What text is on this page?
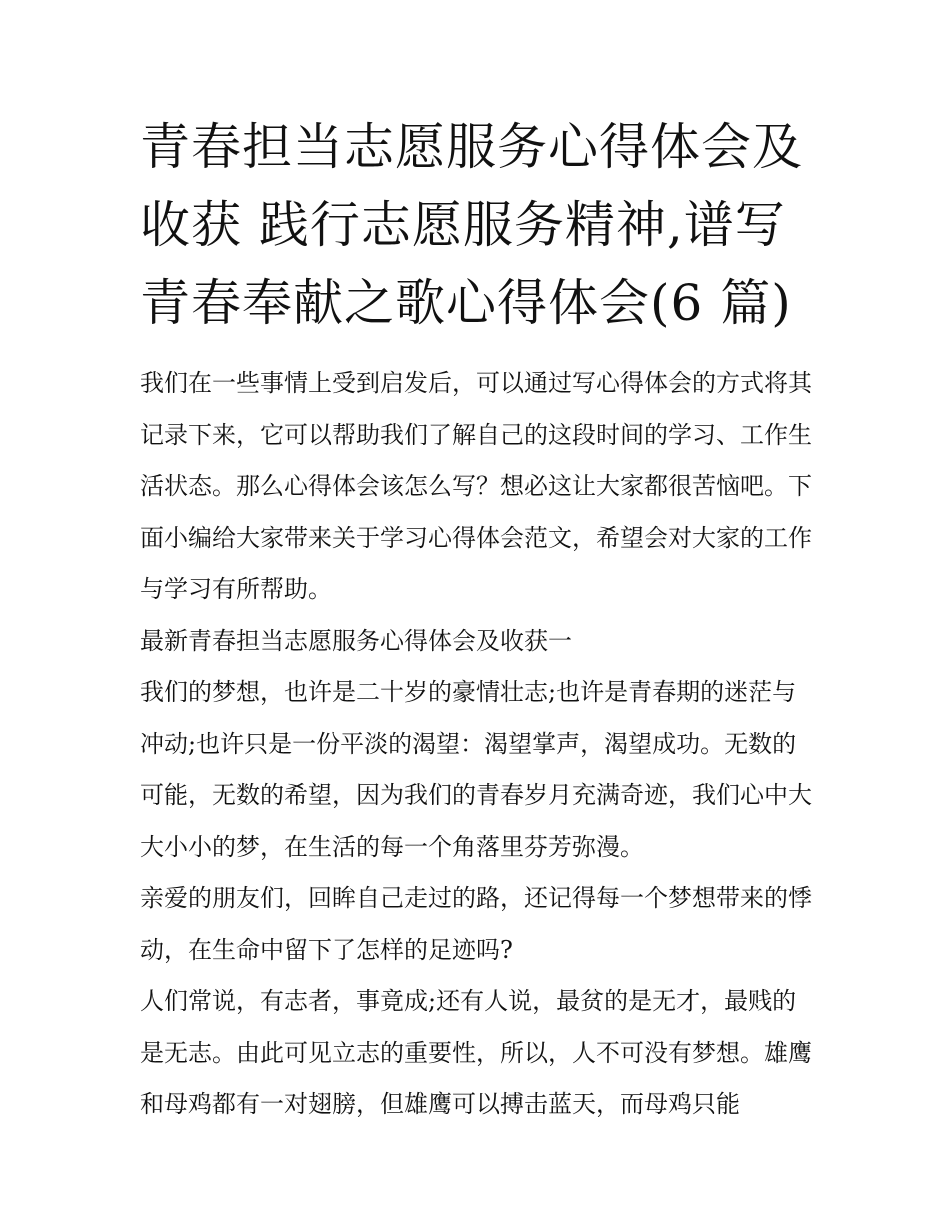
青春担当志愿服务心得体会及收获 践行志愿服务精神,谱写青春奉献之歌心得体会(6 篇)

我们在一些事情上受到启发后，可以通过写心得体会的方式将其记录下来，它可以帮助我们了解自己的这段时间的学习、工作生活状态。那么心得体会该怎么写？想必这让大家都很苦恼吧。下面小编给大家带来关于学习心得体会范文，希望会对大家的工作与学习有所帮助。

最新青春担当志愿服务心得体会及收获一

我们的梦想，也许是二十岁的豪情壮志;也许是青春期的迷茫与冲动;也许只是一份平淡的渴望：渴望掌声，渴望成功。无数的可能，无数的希望，因为我们的青春岁月充满奇迹，我们心中大大小小的梦，在生活的每一个角落里芬芳弥漫。

亲爱的朋友们，回眸自己走过的路，还记得每一个梦想带来的悸动，在生命中留下了怎样的足迹吗?

人们常说，有志者，事竟成;还有人说，最贫的是无才，最贱的是无志。由此可见立志的重要性，所以，人不可没有梦想。雄鹰和母鸡都有一对翅膀，但雄鹰可以搏击蓝天，而母鸡只能
